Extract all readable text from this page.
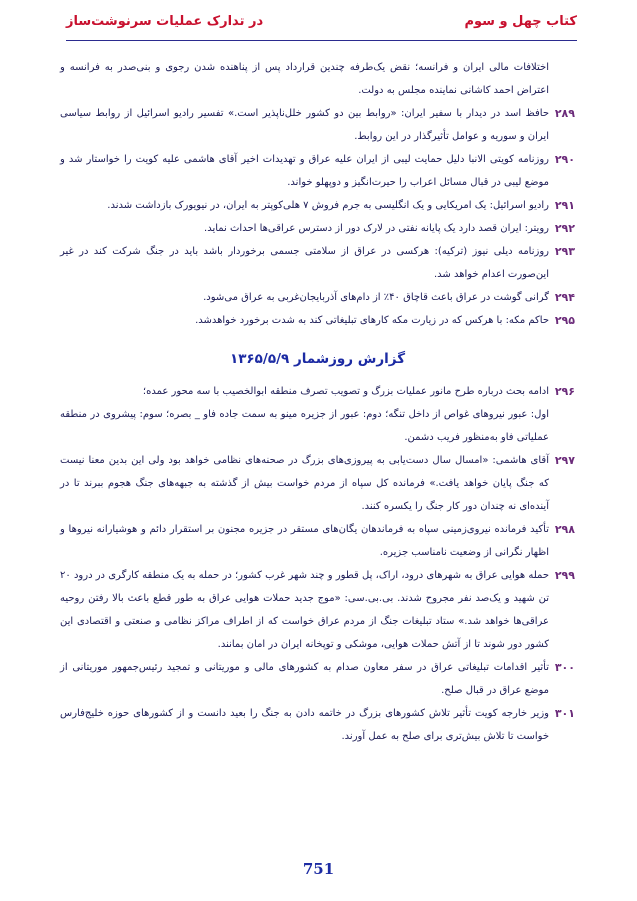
کتاب چهل و سوم
در تدارک عملیات سرنوشت‌ساز
اختلافات مالی ایران و فرانسه؛ نقض یک‌طرفه چندین قرارداد پس از پناهنده شدن رجوی و بنی‌صدر به فرانسه و اعتراض احمد کاشانی نماینده مجلس به دولت.
۲۸۹
حافظ اسد در دیدار با سفیر ایران: «روابط بین دو کشور خلل‌ناپذیر است.» تفسیر رادیو اسرائیل از روابط سیاسی ایران و سوریه و عوامل تأثیرگذار در این روابط.
۲۹۰
روزنامه کویتی الانبا دلیل حمایت لیبی از ایران علیه عراق و تهدیدات اخیر آقای هاشمی علیه کویت را خواستار شد و موضع لیبی در قبال مسائل اعراب را حیرت‌انگیز و دوپهلو خواند.
۲۹۱
رادیو اسرائیل: یک امریکایی و یک انگلیسی به جرم فروش ۷ هلی‌کوپتر به ایران، در نیویورک بازداشت شدند.
۲۹۲
رویتر: ایران قصد دارد یک پایانه نفتی در لارک دور از دسترس عراقی‌ها احداث نماید.
۲۹۳
روزنامه دیلی نیوز (ترکیه): هرکسی در عراق از سلامتی جسمی برخوردار باشد باید در جنگ شرکت کند در غیر این‌صورت اعدام خواهد شد.
۲۹۴
گرانی گوشت در عراق باعث قاچاق ۴۰٪ از دام‌های آذربایجان‌غربی به عراق می‌شود.
۲۹۵
حاکم مکه: با هرکس که در زیارت مکه کارهای تبلیغاتی کند به شدت برخورد خواهدشد.
گزارش روزشمار ۱۳۶۵/۵/۹
۲۹۶
ادامه بحث درباره طرح مانور عملیات بزرگ و تصویب تصرف منطقه ابوالخصیب با سه محور عمده؛
اول: عبور نیروهای غواص از داخل تنگه؛ دوم: عبور از جزیره مینو به سمت جاده فاو _ بصره؛ سوم: پیشروی در منطقه عملیاتی فاو به‌منظور فریب دشمن.
۲۹۷
آقای هاشمی: «امسال سال دست‌یابی به پیروزی‌های بزرگ در صحنه‌های نظامی خواهد بود ولی این بدین معنا نیست که جنگ پایان خواهد یافت.» فرمانده کل سپاه از مردم خواست بیش از گذشته به جبهه‌های جنگ هجوم ببرند تا در آینده‌ای نه چندان دور کار جنگ را یکسره کنند.
۲۹۸
تأکید فرمانده نیروی‌زمینی سپاه به فرماندهان یگان‌های مستقر در جزیره مجنون بر استقرار دائم و هوشیارانه نیروها و اظهار نگرانی از وضعیت نامناسب جزیره.
۲۹۹
حمله هوایی عراق به شهرهای درود، اراک، پل قطور و چند شهر غرب کشور؛ در حمله به یک منطقه کارگری در درود ۲۰ تن شهید و یک‌صد نفر مجروح شدند. بی.بی.سی: «موج جدید حملات هوایی عراق به طور قطع باعث بالا رفتن روحیه عراقی‌ها خواهد شد.» ستاد تبلیغات جنگ از مردم عراق خواست که از اطراف مراکز نظامی و صنعتی و اقتصادی این کشور دور شوند تا از آتش حملات هوایی، موشکی و توپخانه ایران در امان بمانند.
۳۰۰
تأثیر اقدامات تبلیغاتی عراق در سفر معاون صدام به کشورهای مالی و موریتانی و تمجید رئیس‌جمهور موریتانی از موضع عراق در قبال صلح.
۳۰۱
وزیر خارجه کویت تأثیر تلاش کشورهای بزرگ در خاتمه دادن به جنگ را بعید دانست و از کشورهای حوزه خلیج‌فارس خواست تا تلاش بیش‌تری برای صلح به عمل آورند.
751
